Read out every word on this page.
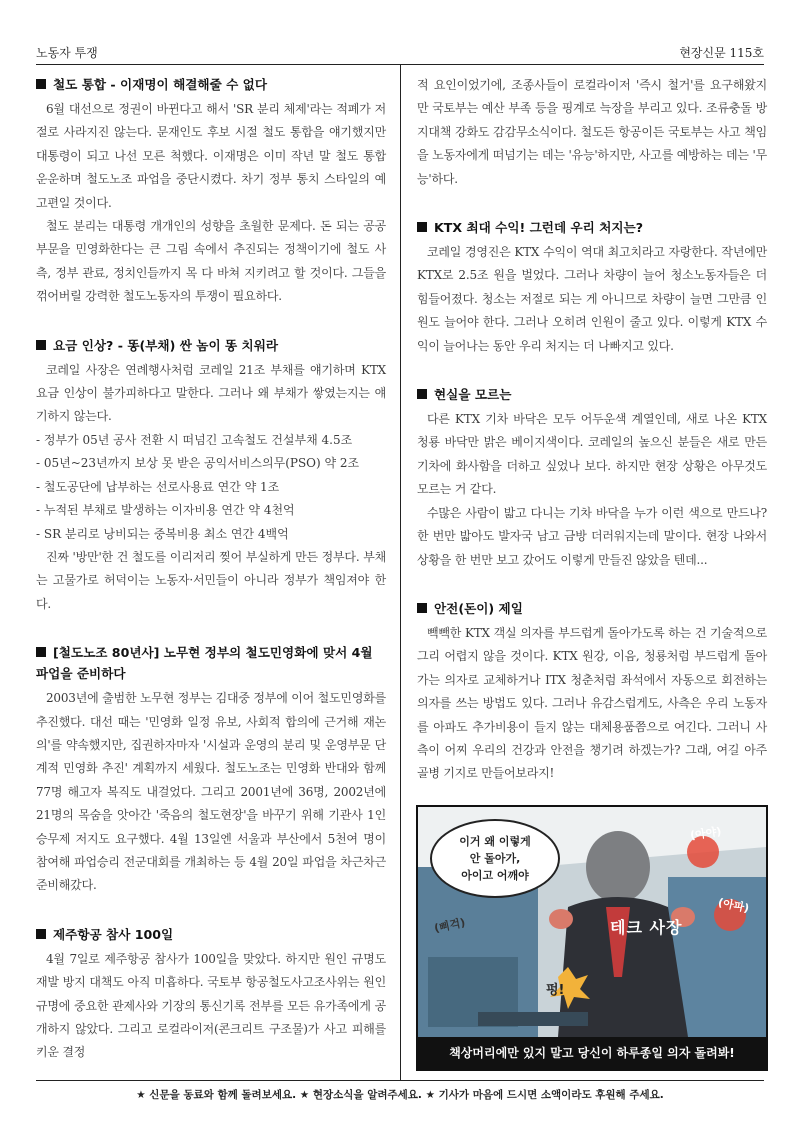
노동자 투쟁	현장신문 115호
철도 통합 - 이재명이 해결해줄 수 없다

6월 대선으로 정권이 바뀐다고 해서 'SR 분리 체제'라는 적폐가 저절로 사라지진 않는다. 문재인도 후보 시절 철도 통합을 얘기했지만 대통령이 되고 나선 모른 척했다. 이재명은 이미 작년 말 철도 통합 운운하며 철도노조 파업을 중단시켰다. 차기 정부 통치 스타일의 예고편일 것이다.

철도 분리는 대통령 개개인의 성향을 초월한 문제다. 돈 되는 공공부문을 민영화한다는 큰 그림 속에서 추진되는 정책이기에 철도 사측, 정부 관료, 정치인들까지 목 다 바쳐 지키려고 할 것이다. 그들을 꺾어버릴 강력한 철도노동자의 투쟁이 필요하다.

요금 인상? - 똥(부채) 싼 놈이 똥 치워라

코레일 사장은 연례행사처럼 코레일 21조 부채를 얘기하며 KTX 요금 인상이 불가피하다고 말한다. 그러나 왜 부채가 쌓였는지는 얘기하지 않는다.

- 정부가 05년 공사 전환 시 떠넘긴 고속철도 건설부채 4.5조
- 05년~23년까지 보상 못 받은 공익서비스의무(PSO) 약 2조
- 철도공단에 납부하는 선로사용료 연간 약 1조
- 누적된 부채로 발생하는 이자비용 연간 약 4천억
- SR 분리로 낭비되는 중복비용 최소 연간 4백억

진짜 '방만'한 건 철도를 이리저리 찢어 부실하게 만든 정부다. 부채는 고물가로 허덕이는 노동자·서민들이 아니라 정부가 책임져야 한다.

[철도노조 80년사] 노무현 정부의 철도민영화에 맞서 4월 파업을 준비하다

2003년에 출범한 노무현 정부는 김대중 정부에 이어 철도민영화를 추진했다. 대선 때는 '민영화 일정 유보, 사회적 합의에 근거해 재논의'를 약속했지만, 집권하자마자 '시설과 운영의 분리 및 운영부문 단계적 민영화 추진' 계획까지 세웠다. 철도노조는 민영화 반대와 함께 77명 해고자 복직도 내걸었다. 그리고 2001년에 36명, 2002년에 21명의 목숨을 앗아간 '죽음의 철도현장'을 바꾸기 위해 기관사 1인승무제 저지도 요구했다. 4월 13일엔 서울과 부산에서 5천여 명이 참여해 파업승리 전군대회를 개최하는 등 4월 20일 파업을 차근차근 준비해갔다.

제주항공 참사 100일

4월 7일로 제주항공 참사가 100일을 맞았다. 하지만 원인 규명도 재발 방지 대책도 아직 미흡하다. 국토부 항공철도사고조사위는 원인 규명에 중요한 관제사와 기장의 통신기록 전부를 모든 유가족에게 공개하지 않았다. 그리고 로컬라이저(콘크리트 구조물)가 사고 피해를 키운 결정

적 요인이었기에, 조종사들이 로컬라이저 '즉시 철거'를 요구해왔지만 국토부는 예산 부족 등을 핑계로 늑장을 부리고 있다. 조류충돌 방지대책 강화도 감감무소식이다. 철도든 항공이든 국토부는 사고 책임을 노동자에게 떠넘기는 데는 '유능'하지만, 사고를 예방하는 데는 '무능'하다.

KTX 최대 수익! 그런데 우리 처지는?

코레일 경영진은 KTX 수익이 역대 최고치라고 자랑한다. 작년에만 KTX로 2.5조 원을 벌었다. 그러나 차량이 늘어 청소노동자들은 더 힘들어졌다. 청소는 저절로 되는 게 아니므로 차량이 늘면 그만큼 인원도 늘어야 한다. 그러나 오히려 인원이 줄고 있다. 이렇게 KTX 수익이 늘어나는 동안 우리 처지는 더 나빠지고 있다.

현실을 모르는

다른 KTX 기차 바닥은 모두 어두운색 계열인데, 새로 나온 KTX 청룡 바닥만 밝은 베이지색이다. 코레일의 높으신 분들은 새로 만든 기차에 화사함을 더하고 싶었나 보다. 하지만 현장 상황은 아무것도 모르는 거 같다.

수많은 사람이 밟고 다니는 기차 바닥을 누가 이런 색으로 만드나? 한 번만 밟아도 발자국 남고 금방 더러워지는데 말이다. 현장 나와서 상황을 한 번만 보고 갔어도 이렇게 만들진 않았을 텐데...

안전(돈이) 제일

빽빽한 KTX 객실 의자를 부드럽게 돌아가도록 하는 건 기술적으로 그리 어렵지 않을 것이다. KTX 원강, 이음, 청룡처럼 부드럽게 돌아가는 의자로 교체하거나 ITX 청춘처럼 좌석에서 자동으로 회전하는 의자를 쓰는 방법도 있다. 그러나 유감스럽게도, 사측은 우리 노동자를 아파도 추가비용이 들지 않는 대체용품쯤으로 여긴다. 그러니 사측이 어찌 우리의 건강과 안전을 챙기려 하겠는가? 그래, 여길 아주 골병 기지로 만들어보라지!

이거 왜 이렇게
안 돌아가,
아이고 어깨야
(아야)
(아파)
(삐걱)
펑!
테크 사장
책상머리에만 있지 말고 당신이 하루종일 의자 돌려봐!
★ 신문을 동료와 함께 돌려보세요. ★ 현장소식을 알려주세요. ★ 기사가 마음에 드시면 소액이라도 후원해 주세요.
